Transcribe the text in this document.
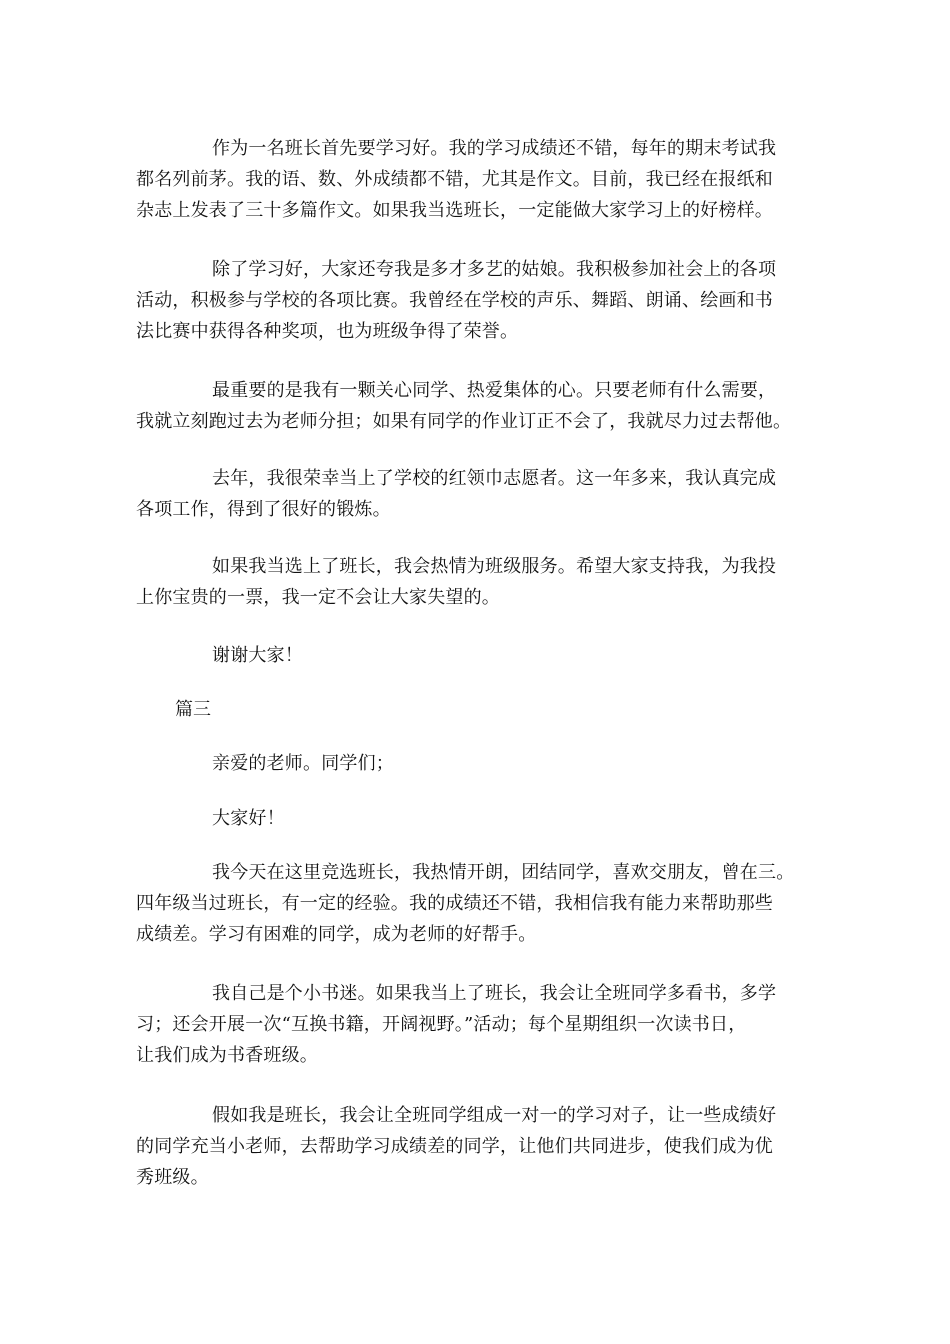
作为一名班长首先要学习好。我的学习成绩还不错，每年的期末考试我
都名列前茅。我的语、数、外成绩都不错，尤其是作文。目前，我已经在报纸和
杂志上发表了三十多篇作文。如果我当选班长，一定能做大家学习上的好榜样。
除了学习好，大家还夸我是多才多艺的姑娘。我积极参加社会上的各项
活动，积极参与学校的各项比赛。我曾经在学校的声乐、舞蹈、朗诵、绘画和书
法比赛中获得各种奖项，也为班级争得了荣誉。
最重要的是我有一颗关心同学、热爱集体的心。只要老师有什么需要，
我就立刻跑过去为老师分担；如果有同学的作业订正不会了，我就尽力过去帮他。
去年，我很荣幸当上了学校的红领巾志愿者。这一年多来，我认真完成
各项工作，得到了很好的锻炼。
如果我当选上了班长，我会热情为班级服务。希望大家支持我，为我投
上你宝贵的一票，我一定不会让大家失望的。
谢谢大家！
篇三
亲爱的老师。同学们；
大家好！
我今天在这里竞选班长，我热情开朗，团结同学，喜欢交朋友，曾在三。
四年级当过班长，有一定的经验。我的成绩还不错，我相信我有能力来帮助那些
成绩差。学习有困难的同学，成为老师的好帮手。
我自己是个小书迷。如果我当上了班长，我会让全班同学多看书，多学
习；还会开展一次“互换书籍，开阔视野。”活动；每个星期组织一次读书日，
让我们成为书香班级。
假如我是班长，我会让全班同学组成一对一的学习对子，让一些成绩好
的同学充当小老师，去帮助学习成绩差的同学，让他们共同进步，使我们成为优
秀班级。
